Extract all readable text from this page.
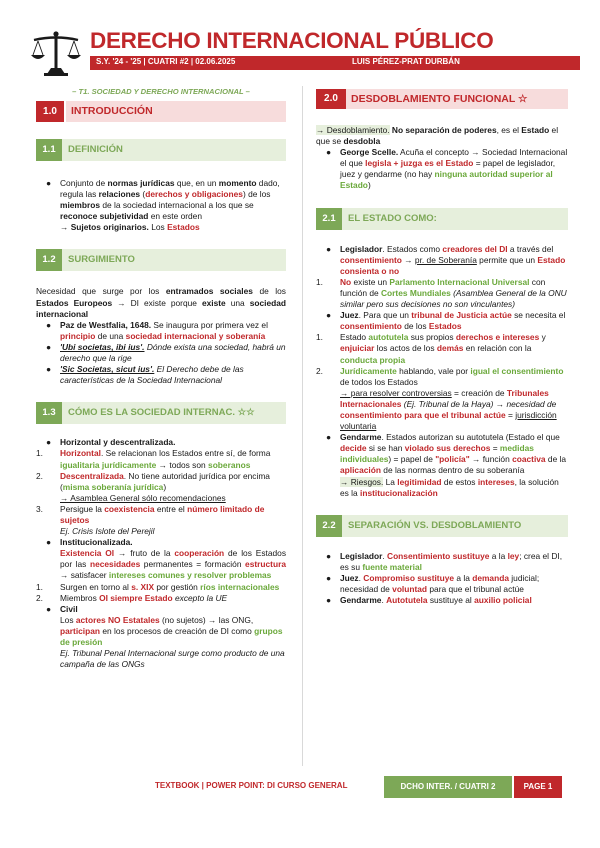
DERECHO INTERNACIONAL PÚBLICO
S.Y. '24 - '25 | CUATRI #2 | 02.06.2025	LUIS PÉREZ-PRAT DURBÁN
– T1. SOCIEDAD Y DERECHO INTERNACIONAL –
1.0	INTRODUCCIÓN
1.1	DEFINICIÓN
● Conjunto de normas jurídicas que, en un momento dado, regula las relaciones (derechos y obligaciones) de los miembros de la sociedad internacional a los que se reconoce subjetividad en este orden
→ Sujetos originarios. Los Estados
1.2	SURGIMIENTO

Necesidad que surge por los entramados sociales de los Estados Europeos → DI existe porque existe una sociedad internacional

● Paz de Westfalia, 1648. Se inaugura por primera vez el principio de una sociedad internacional y soberanía
● 'Ubi societas, ibi ius'. Dónde exista una sociedad, habrá un derecho que la rige
● 'Sic Societas, sicut ius'. El Derecho debe de las características de la Sociedad Internacional
1.3	CÓMO ES LA SOCIEDAD INTERNAC. ☆☆
● Horizontal y descentralizada.
1. Horizontal. Se relacionan los Estados entre sí, de forma igualitaria jurídicamente → todos son soberanos
2. Descentralizada. No tiene autoridad jurídica por encima (misma soberanía jurídica)
→ Asamblea General sólo recomendaciones
3. Persigue la coexistencia entre el número limitado de sujetos
Ej. Crisis Islote del Perejil
● Institucionalizada.
Existencia OI → fruto de la cooperación de los Estados por las necesidades permanentes = formación estructura → satisfacer intereses comunes y resolver problemas
1. Surgen en torno al s. XIX por gestión ríos internacionales
2. Miembros OI siempre Estado excepto la UE
● Civil
Los actores NO Estatales (no sujetos) → las ONG, participan en los procesos de creación de DI como grupos de presión
Ej. Tribunal Penal Internacional surge como producto de una campaña de las ONGs
2.0	DESDOBLAMIENTO FUNCIONAL ☆

→ Desdoblamiento. No separación de poderes, es el Estado el que se desdobla

● George Scelle. Acuña el concepto → Sociedad Internacional el que legisla + juzga es el Estado = papel de legislador, juez y gendarme (no hay ninguna autoridad superior al Estado)
2.1	EL ESTADO COMO:
● Legislador. Estados como creadores del DI a través del consentimiento → pr. de Soberanía permite que un Estado consienta o no
1. No existe un Parlamento Internacional Universal con función de Cortes Mundiales (Asamblea General de la ONU similar pero sus decisiones no son vinculantes)
● Juez. Para que un tribunal de Justicia actúe se necesita el consentimiento de los Estados
1. Estado autotutela sus propios derechos e intereses y enjuiciar los actos de los demás en relación con la conducta propia
2. Jurídicamente hablando, vale por igual el consentimiento de todos los Estados
→ para resolver controversias = creación de Tribunales Internacionales (Ej. Tribunal de la Haya) → necesidad de consentimiento para que el tribunal actúe = jurisdicción voluntaria
● Gendarme. Estados autorizan su autotutela (Estado el que decide si se han violado sus derechos = medidas individuales) = papel de "policía" → función coactiva de la aplicación de las normas dentro de su soberanía
→ Riesgos. La legitimidad de estos intereses, la solución es la institucionalización
2.2	SEPARACIÓN VS. DESDOBLAMIENTO
● Legislador. Consentimiento sustituye a la ley; crea el DI, es su fuente material
● Juez. Compromiso sustituye a la demanda judicial; necesidad de voluntad para que el tribunal actúe
● Gendarme. Autotutela sustituye al auxilio policial
TEXTBOOK | POWER POINT: DI CURSO GENERAL	DCHO INTER. / CUATRI 2	PAGE 1
